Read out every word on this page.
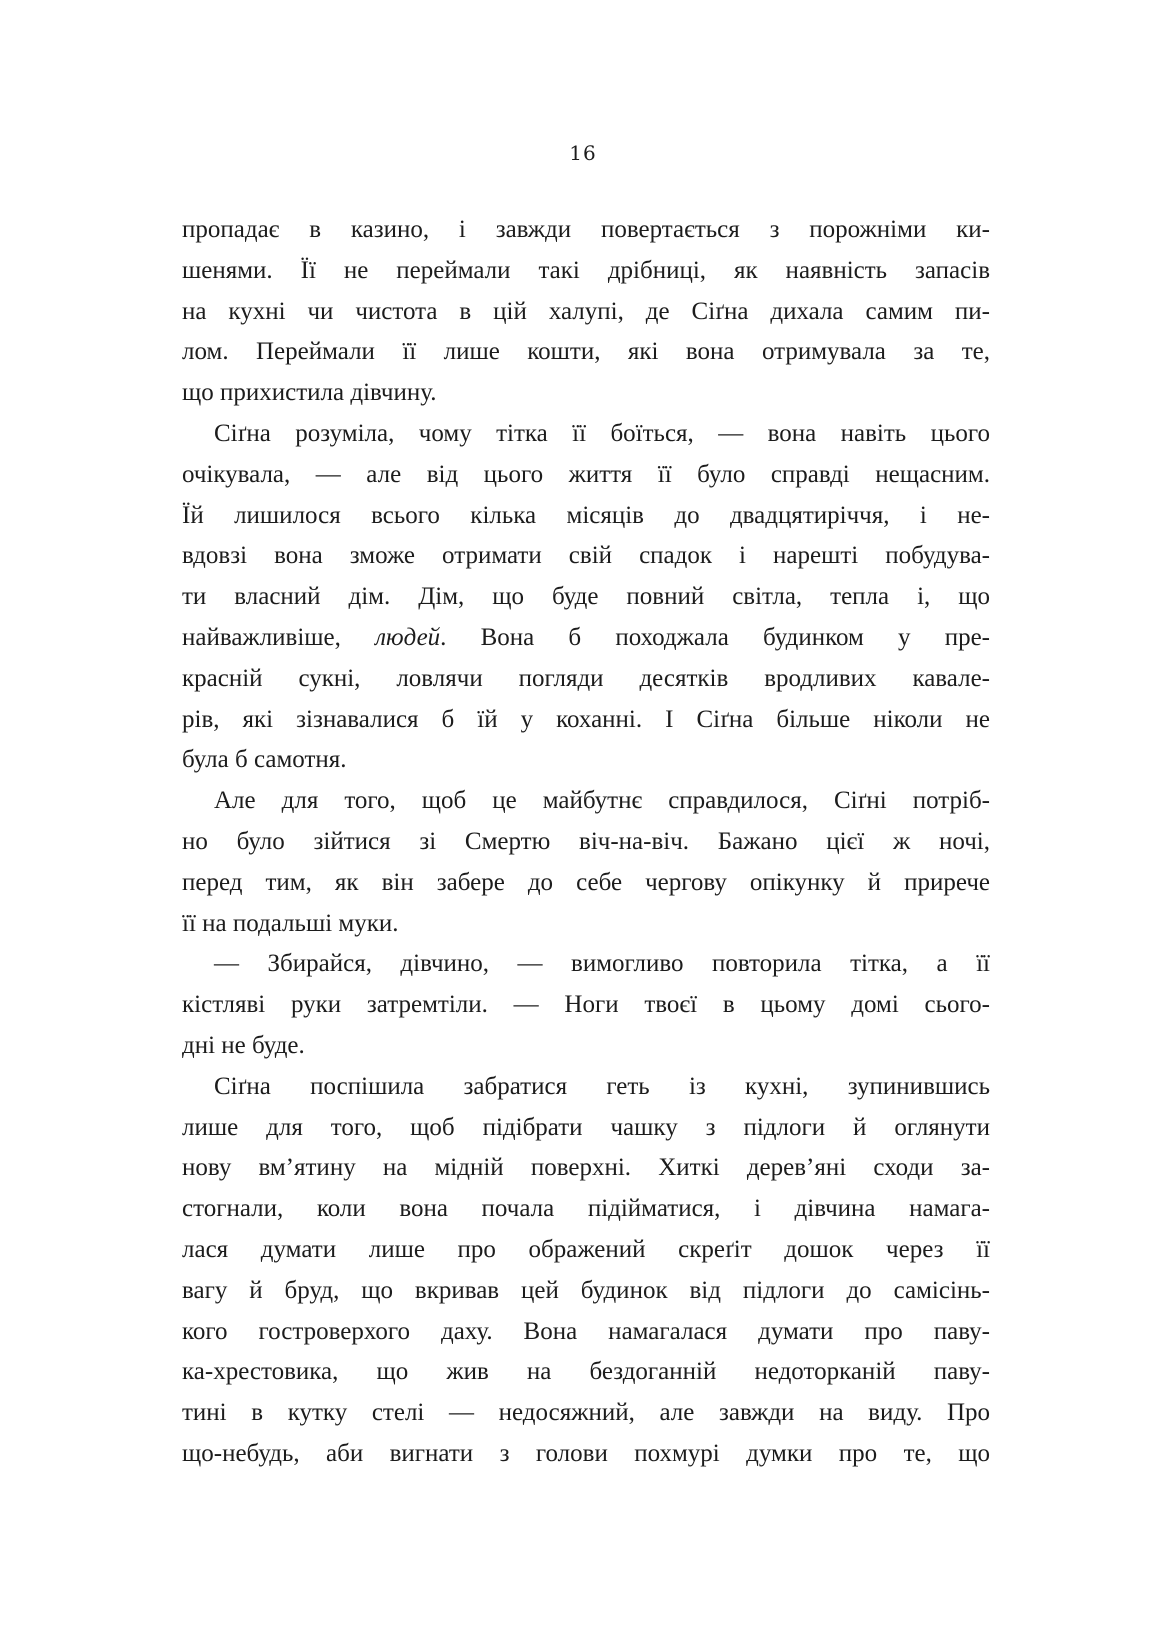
16
пропадає в казино, і завжди повертається з порожніми ки-
шенями. Її не переймали такі дрібниці, як наявність запасів
на кухні чи чистота в цій халупі, де Сіґна дихала самим пи-
лом. Переймали її лише кошти, які вона отримувала за те,
що прихистила дівчину.
Сіґна розуміла, чому тітка її боїться, — вона навіть цього
очікувала, — але від цього життя її було справді нещасним.
Їй лишилося всього кілька місяців до двадцятиріччя, і не-
вдовзі вона зможе отримати свій спадок і нарешті побудува-
ти власний дім. Дім, що буде повний світла, тепла і, що
найважливіше, людей. Вона б походжала будинком у пре-
красній сукні, ловлячи погляди десятків вродливих кавале-
рів, які зізнавалися б їй у коханні. І Сіґна більше ніколи не
була б самотня.
Але для того, щоб це майбутнє справдилося, Сіґні потріб-
но було зійтися зі Смертю віч-на-віч. Бажано цієї ж ночі,
перед тим, як він забере до себе чергову опікунку й прирече
її на подальші муки.
— Збирайся, дівчино, — вимогливо повторила тітка, а її
кістляві руки затремтіли. — Ноги твоєї в цьому домі сього-
дні не буде.
Сіґна поспішила забратися геть із кухні, зупинившись
лише для того, щоб підібрати чашку з підлоги й оглянути
нову вм’ятину на мідній поверхні. Хиткі дерев’яні сходи за-
стогнали, коли вона почала підійматися, і дівчина намага-
лася думати лише про ображений скреґіт дошок через її
вагу й бруд, що вкривав цей будинок від підлоги до самісінь-
кого гостроверхого даху. Вона намагалася думати про паву-
ка-хрестовика, що жив на бездоганній недоторканій паву-
тині в кутку стелі — недосяжний, але завжди на виду. Про
що-небудь, аби вигнати з голови похмурі думки про те, що
